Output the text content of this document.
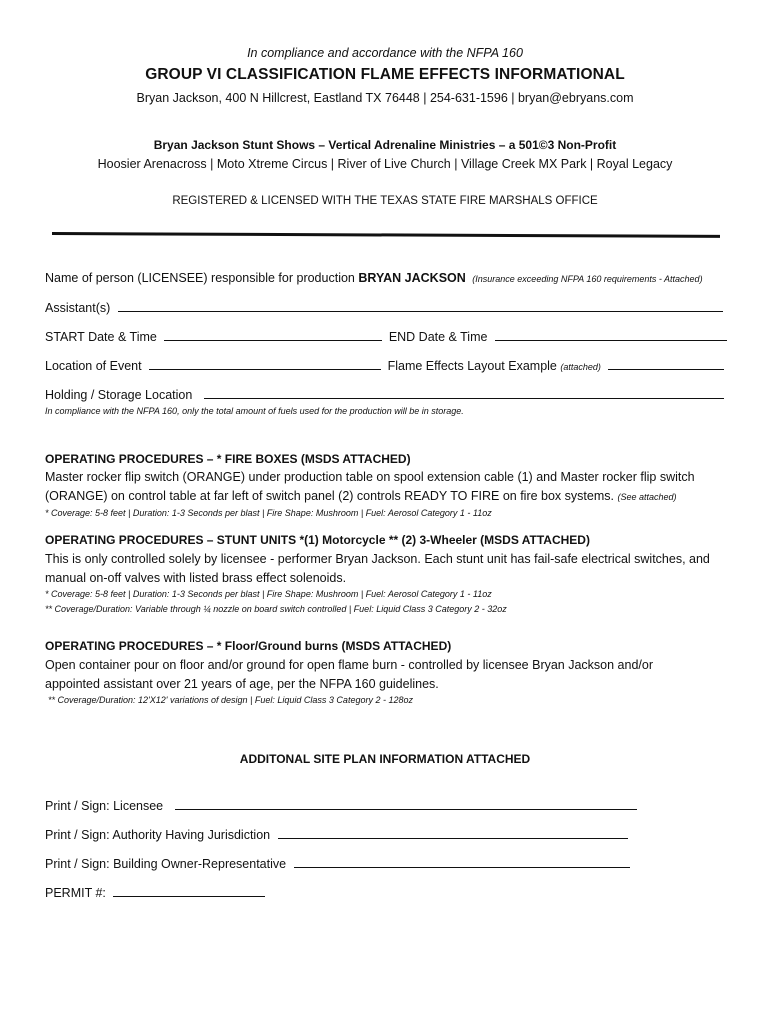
In compliance and accordance with the NFPA 160
GROUP VI CLASSIFICATION FLAME EFFECTS INFORMATIONAL
Bryan Jackson, 400 N Hillcrest, Eastland TX 76448 | 254-631-1596 | bryan@ebryans.com
Bryan Jackson Stunt Shows – Vertical Adrenaline Ministries – a 501©3 Non-Profit
Hoosier Arenacross | Moto Xtreme Circus | River of Live Church | Village Creek MX Park | Royal Legacy
REGISTERED & LICENSED WITH THE TEXAS STATE FIRE MARSHALS OFFICE
Name of person (LICENSEE) responsible for production BRYAN JACKSON (Insurance exceeding NFPA 160 requirements - Attached)
Assistant(s)
START Date & Time	END Date & Time
Location of Event	Flame Effects Layout Example (attached)
Holding / Storage Location
In compliance with the NFPA 160, only the total amount of fuels used for the production will be in storage.
OPERATING PROCEDURES – * FIRE BOXES (MSDS ATTACHED)
Master rocker flip switch (ORANGE) under production table on spool extension cable (1) and Master rocker flip switch
(ORANGE) on control table at far left of switch panel (2) controls READY TO FIRE on fire box systems. (See attached)
* Coverage: 5-8 feet | Duration: 1-3 Seconds per blast | Fire Shape: Mushroom | Fuel: Aerosol Category 1 - 11oz
OPERATING PROCEDURES – STUNT UNITS *(1) Motorcycle ** (2) 3-Wheeler (MSDS ATTACHED)
This is only controlled solely by licensee - performer Bryan Jackson. Each stunt unit has fail-safe electrical switches, and
manual on-off valves with listed brass effect solenoids.
* Coverage: 5-8 feet | Duration: 1-3 Seconds per blast | Fire Shape: Mushroom | Fuel: Aerosol Category 1 - 11oz
** Coverage/Duration: Variable through ¼ nozzle on board switch controlled | Fuel: Liquid Class 3 Category 2 - 32oz
OPERATING PROCEDURES – * Floor/Ground burns (MSDS ATTACHED)
Open container pour on floor and/or ground for open flame burn - controlled by licensee Bryan Jackson and/or
appointed assistant over 21 years of age, per the NFPA 160 guidelines.
** Coverage/Duration: 12'X12' variations of design | Fuel: Liquid Class 3 Category 2 - 128oz
ADDITONAL SITE PLAN INFORMATION ATTACHED
Print / Sign: Licensee
Print / Sign: Authority Having Jurisdiction
Print / Sign: Building Owner-Representative
PERMIT #:
